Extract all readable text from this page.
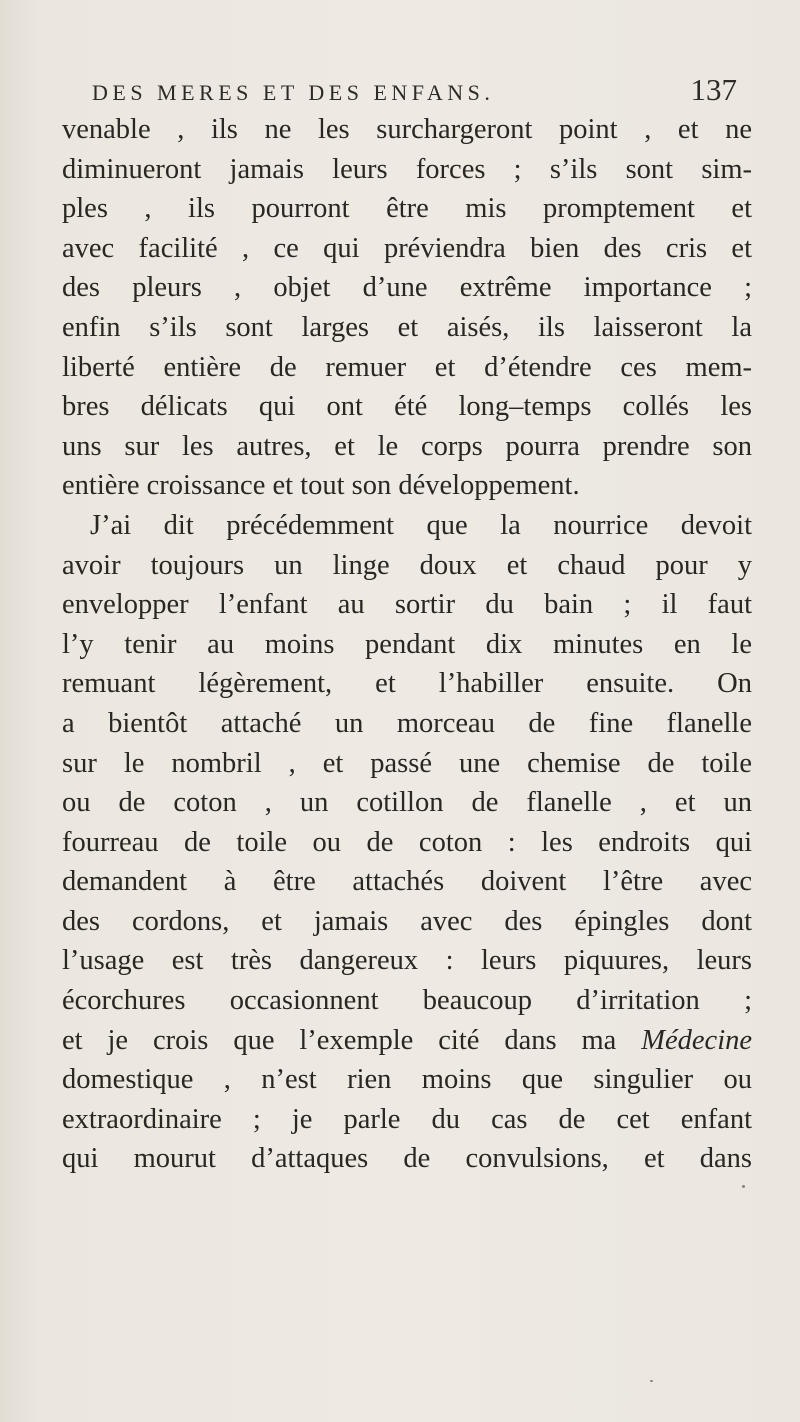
DES MERES ET DES ENFANS.	137
venable , ils ne les surchargeront point , et ne
diminueront jamais leurs forces ; s’ils sont sim-
ples , ils pourront être mis promptement et
avec facilité , ce qui préviendra bien des cris et
des pleurs , objet d’une extrême importance ;
enfin s’ils sont larges et aisés, ils laisseront la
liberté entière de remuer et d’étendre ces mem-
bres délicats qui ont été long–temps collés les
uns sur les autres, et le corps pourra prendre son
entière croissance et tout son développement.
J’ai dit précédemment que la nourrice devoit
avoir toujours un linge doux et chaud pour y
envelopper l’enfant au sortir du bain ; il faut
l’y tenir au moins pendant dix minutes en le
remuant légèrement, et l’habiller ensuite. On
a bientôt attaché un morceau de fine flanelle
sur le nombril , et passé une chemise de toile
ou de coton , un cotillon de flanelle , et un
fourreau de toile ou de coton : les endroits qui
demandent à être attachés doivent l’être avec
des cordons, et jamais avec des épingles dont
l’usage est très dangereux : leurs piquures, leurs
écorchures occasionnent beaucoup d’irritation ;
et je crois que l’exemple cité dans ma Médecine
domestique , n’est rien moins que singulier ou
extraordinaire ; je parle du cas de cet enfant
qui mourut d’attaques de convulsions, et dans
